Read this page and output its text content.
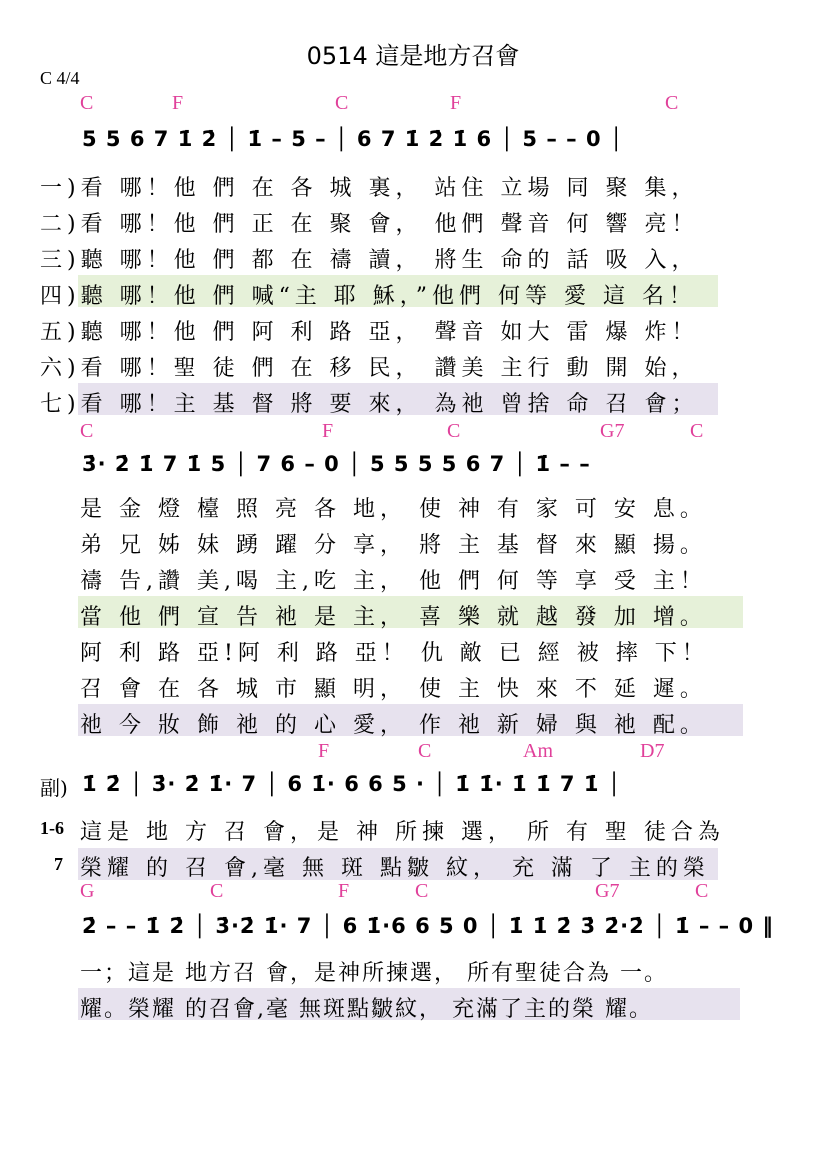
0514 這是地方召會
C 4/4
C	F	C	F	C
5 5 6 7 1̇ 2̇ │ 1̇ – 5 – │ 6 7 1̇ 2̇ 1̇ 6 │ 5 – – 0 │
一)看 哪！他 們 在 各 城 裏， 站住 立場 同 聚 集，
二)看 哪！他 們 正 在 聚 會， 他們 聲音 何 響 亮！
三)聽 哪！他 們 都 在 禱 讀， 將生 命的 話 吸 入，
四)聽 哪！他 們 喊“主 耶 穌，”他們 何等 愛 這 名！
五)聽 哪！他 們 阿 利 路 亞， 聲音 如大 雷 爆 炸！
六)看 哪！聖 徒 們 在 移 民， 讚美 主行 動 開 始，
七)看 哪！主 基 督 將 要 來， 為祂 曾捨 命 召 會；
C	F	C	G7	C
3̇· 2̇ 1̇ 7 1̇ 5 │ 7 6 – 0 │ 5 5 5 5 6 7 │ 1̇ – –
是 金 燈 檯 照 亮 各 地， 使 神 有 家 可 安 息。
弟 兄 姊 妹 踴 躍 分 享， 將 主 基 督 來 顯 揚。
禱 告,讚 美,喝 主,吃 主， 他 們 何 等 享 受 主！
當 他 們 宣 告 祂 是 主， 喜 樂 就 越 發 加 增。
阿 利 路 亞!阿 利 路 亞！ 仇 敵 已 經 被 摔 下！
召 會 在 各 城 市 顯 明， 使 主 快 來 不 延 遲。
祂 今 妝 飾 祂 的 心 愛， 作 祂 新 婦 與 祂 配。
F	C	Am	D7
副) 1̇ 2̇ │ 3̇· 2̇ 1̇· 7 │ 6 1̇· 6 6 5 · │ 1̇ 1̇· 1̇ 1̇ 7 1̇ │
1-6
7
這是 地 方 召 會，是 神 所揀 選， 所 有 聖 徒合為
榮耀 的 召 會,毫 無 斑 點皺 紋， 充 滿 了 主的榮
G	C	F	C	G7	C
2̇ – – 1̇ 2̇ │ 3̇·2̇ 1̇· 7 │ 6 1̇·6 6 5 0 │ 1̇ 1̇ 2̇ 3̇ 2̇·2̇ │ 1̇ – – 0 ‖
一；這是 地方召 會，是神所揀選， 所有聖徒合為 一。
耀。榮耀 的召會,毫 無斑點皺紋， 充滿了主的榮 耀。
